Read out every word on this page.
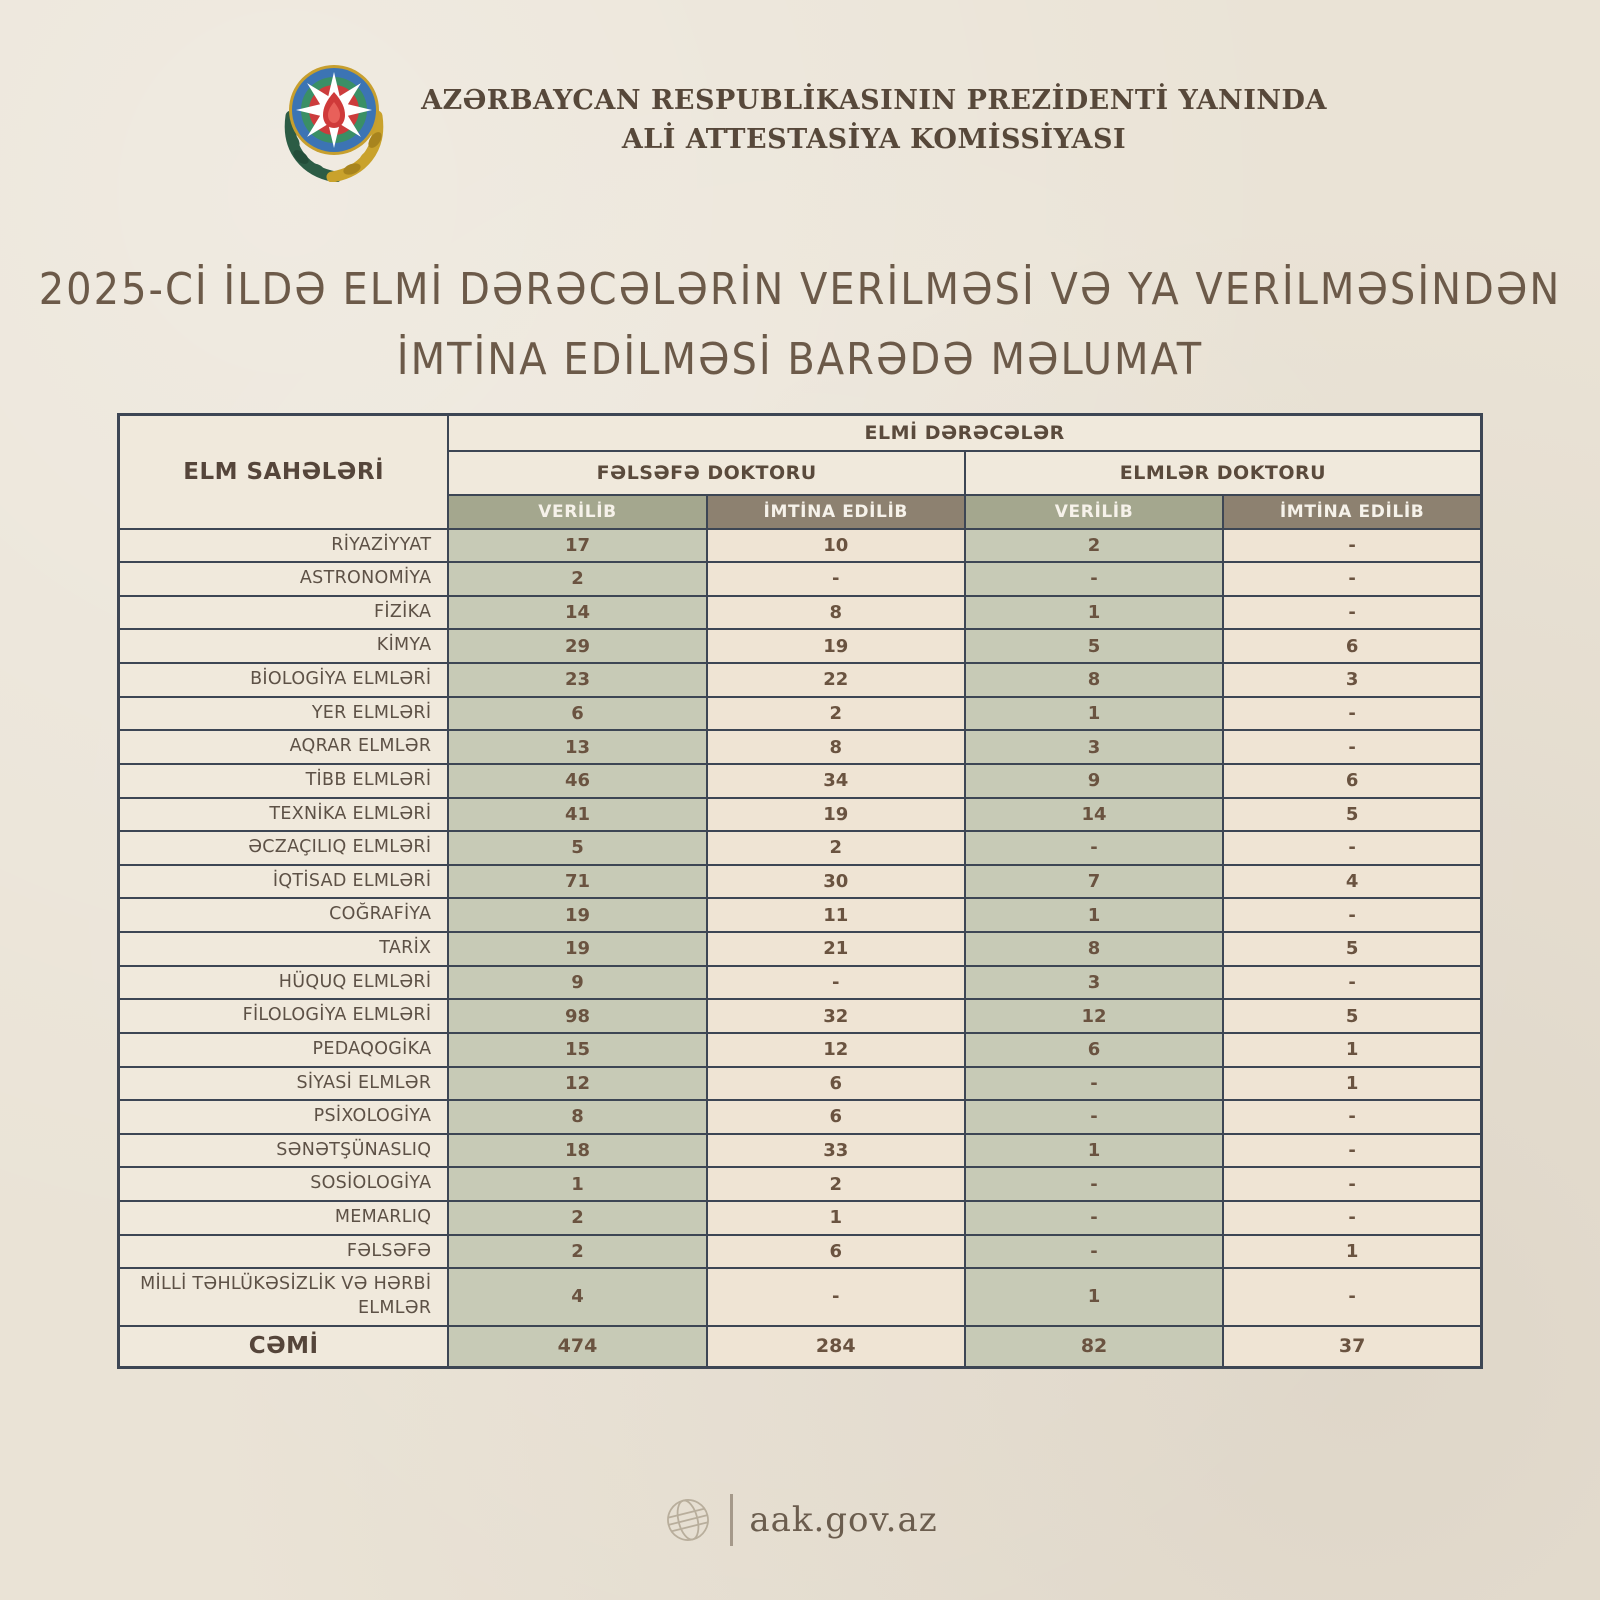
AZƏRBAYCAN RESPUBLİKASININ PREZİDENTİ YANINDA
ALİ ATTESTASİYA KOMİSSİYASI
2025-Cİ İLDƏ ELMİ DƏRƏCƏLƏRİN VERİLMƏSİ VƏ YA VERİLMƏSİNDƏN
İMTİNA EDİLMƏSİ BARƏDƏ MƏLUMAT
ELM SAHƏLƏRİ	ELMİ DƏRƏCƏLƏR			
	FƏLSƏFƏ DOKTORU		ELMLƏR DOKTORU	
	VERİLİB	İMTİNA EDİLİB	VERİLİB	İMTİNA EDİLİB
RİYAZİYYAT	17	10	2	-
ASTRONOMİYA	2	-	-	-
FİZİKA	14	8	1	-
KİMYA	29	19	5	6
BİOLOGİYA ELMLƏRİ	23	22	8	3
YER ELMLƏRİ	6	2	1	-
AQRAR ELMLƏR	13	8	3	-
TİBB ELMLƏRİ	46	34	9	6
TEXNİKA ELMLƏRİ	41	19	14	5
ƏCZAÇILIQ ELMLƏRİ	5	2	-	-
İQTİSAD ELMLƏRİ	71	30	7	4
COĞRAFİYA	19	11	1	-
TARİX	19	21	8	5
HÜQUQ ELMLƏRİ	9	-	3	-
FİLOLOGİYA ELMLƏRİ	98	32	12	5
PEDAQOGİKA	15	12	6	1
SİYASİ ELMLƏR	12	6	-	1
PSİXOLOGİYA	8	6	-	-
SƏNƏTŞÜNASLIQ	18	33	1	-
SOSİOLOGİYA	1	2	-	-
MEMARLIQ	2	1	-	-
FƏLSƏFƏ	2	6	-	1
MİLLİ TƏHLÜKƏSİZLİK VƏ HƏRBİ ELMLƏR	4	-	1	-
CƏMİ	474	284	82	37
aak.gov.az
